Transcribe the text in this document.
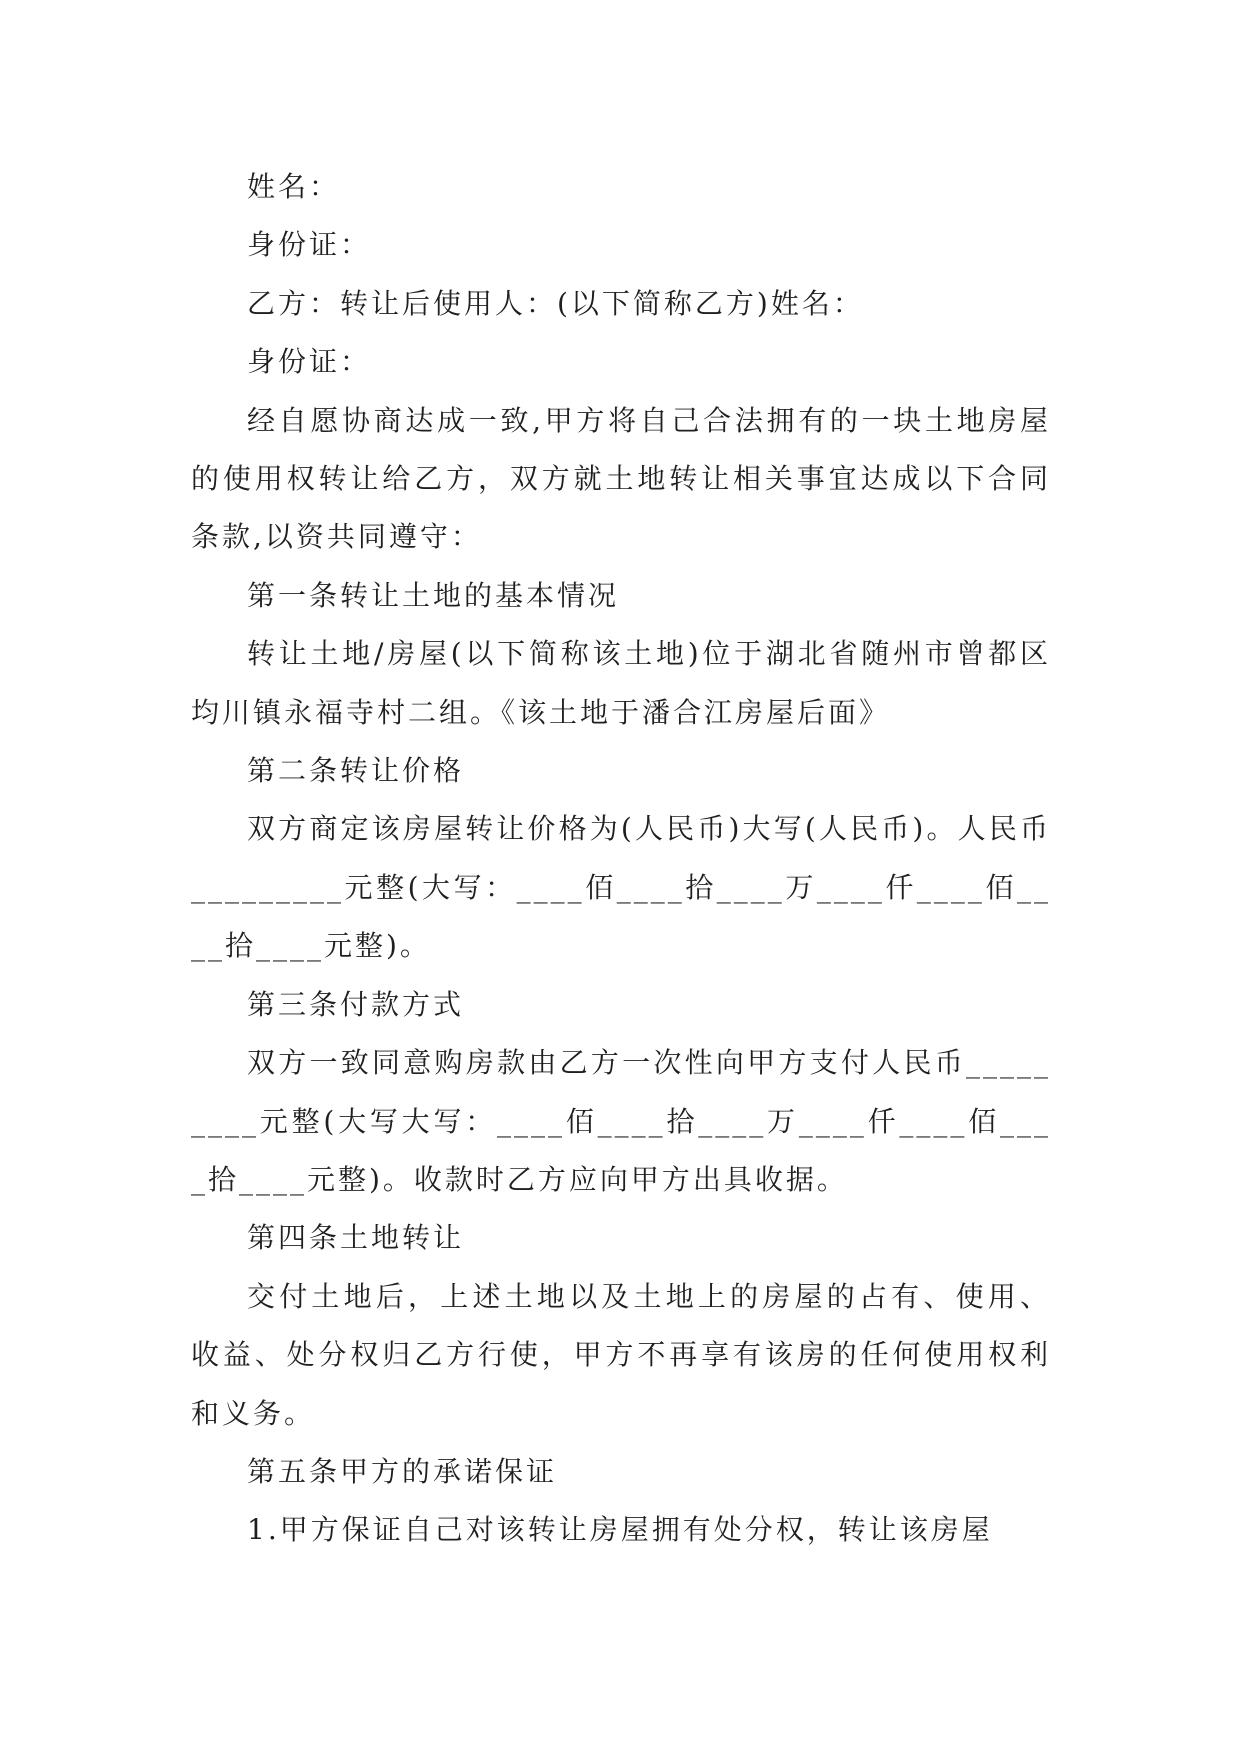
姓名：

身份证：

乙方：转让后使用人：(以下简称乙方)姓名：

身份证：

经自愿协商达成一致,甲方将自己合法拥有的一块土地房屋的使用权转让给乙方，双方就土地转让相关事宜达成以下合同条款,以资共同遵守：

第一条转让土地的基本情况

转让土地/房屋(以下简称该土地)位于湖北省随州市曾都区均川镇永福寺村二组。《该土地于潘合江房屋后面》

第二条转让价格

双方商定该房屋转让价格为(人民币)大写(人民币)。人民币_________元整(大写：____佰____拾____万____仟____佰____拾____元整)。

第三条付款方式

双方一致同意购房款由乙方一次性向甲方支付人民币_________元整(大写大写：____佰____拾____万____仟____佰____拾____元整)。收款时乙方应向甲方出具收据。

第四条土地转让

交付土地后，上述土地以及土地上的房屋的占有、使用、收益、处分权归乙方行使，甲方不再享有该房的任何使用权利和义务。

第五条甲方的承诺保证

1.甲方保证自己对该转让房屋拥有处分权，转让该房屋
